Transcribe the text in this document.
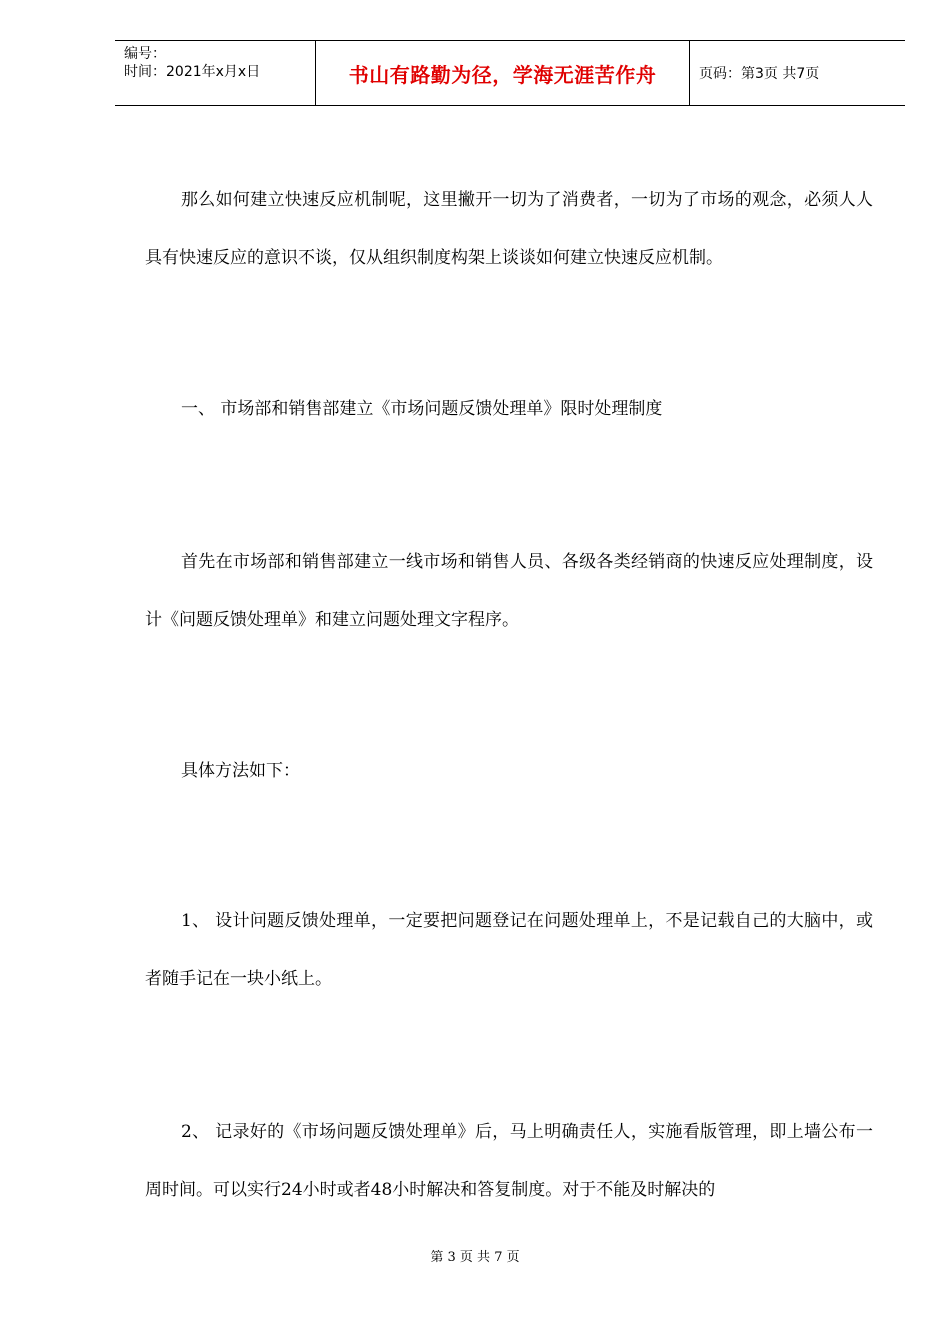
编号：
时间：2021年x月x日	书山有路勤为径，学海无涯苦作舟	页码：第3页 共7页

那么如何建立快速反应机制呢，这里撇开一切为了消费者，一切为了市场的观念，必须人人具有快速反应的意识不谈，仅从组织制度构架上谈谈如何建立快速反应机制。

一、 市场部和销售部建立《市场问题反馈处理单》限时处理制度

首先在市场部和销售部建立一线市场和销售人员、各级各类经销商的快速反应处理制度，设计《问题反馈处理单》和建立问题处理文字程序。

具体方法如下：

1、 设计问题反馈处理单，一定要把问题登记在问题处理单上，不是记载自己的大脑中，或者随手记在一块小纸上。

2、 记录好的《市场问题反馈处理单》后，马上明确责任人，实施看版管理，即上墙公布一周时间。可以实行24小时或者48小时解决和答复制度。对于不能及时解决的

第 3 页 共 7 页
